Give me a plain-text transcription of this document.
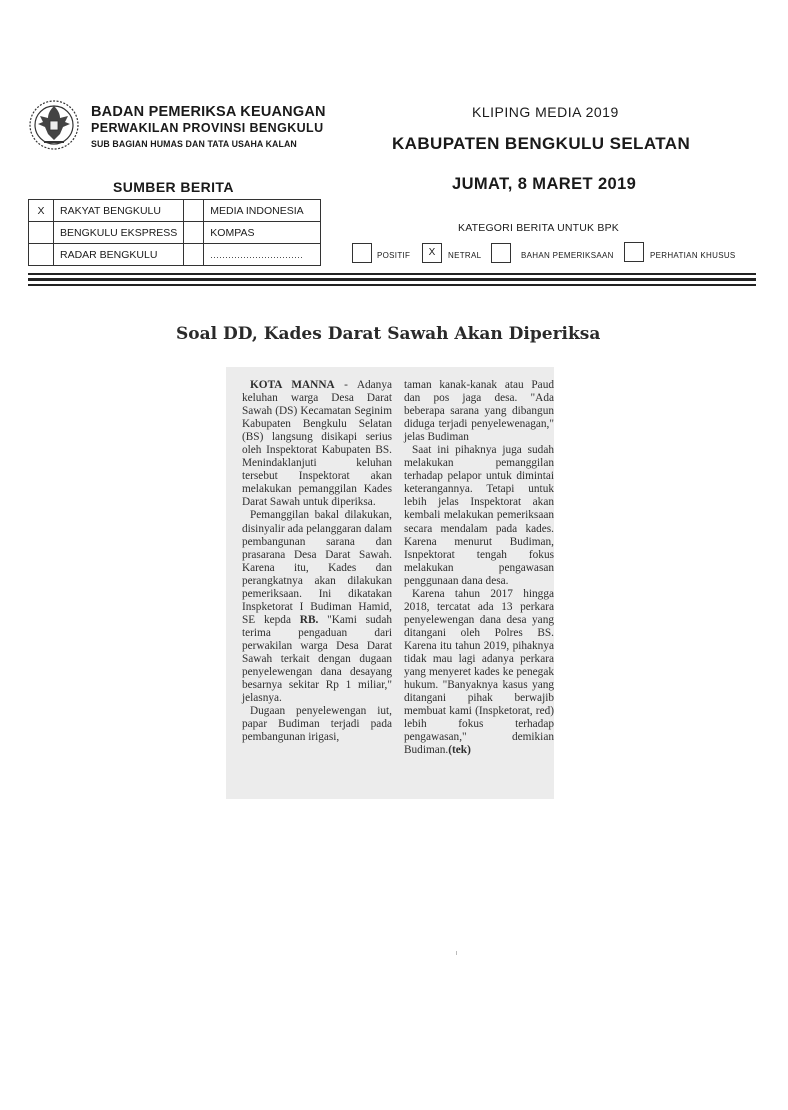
BADAN PEMERIKSA KEUANGAN
PERWAKILAN PROVINSI BENGKULU
SUB BAGIAN HUMAS DAN TATA USAHA KALAN
KLIPING MEDIA 2019
KABUPATEN BENGKULU SELATAN
JUMAT, 8 MARET 2019
SUMBER BERITA
X	RAKYAT BENGKULU		MEDIA INDONESIA
	BENGKULU EKSPRESS		KOMPAS
	RADAR BENGKULU		...............................
KATEGORI BERITA UNTUK BPK
POSITIF	X	NETRAL	BAHAN PEMERIKSAAN	PERHATIAN KHUSUS
Soal DD, Kades Darat Sawah Akan Diperiksa

KOTA MANNA - Adanya keluhan warga Desa Darat Sawah (DS) Kecamatan Seginim Kabupaten Bengkulu Selatan (BS) langsung disikapi serius oleh Inspektorat Kabupaten BS. Menindaklanjuti keluhan tersebut Inspektorat akan melakukan pemanggilan Kades Darat Sawah untuk diperiksa.

Pemanggilan bakal dilakukan, disinyalir ada pelanggaran dalam pembangunan sarana dan prasarana Desa Darat Sawah. Karena itu, Kades dan perangkatnya akan dilakukan pemeriksaan. Ini dikatakan Inspketorat I Budiman Hamid, SE kepda RB. "Kami sudah terima pengaduan dari perwakilan warga Desa Darat Sawah terkait dengan dugaan penyelewengan dana desayang besarnya sekitar Rp 1 miliar," jelasnya.

Dugaan penyelewengan iut, papar Budiman terjadi pada pembangunan irigasi,

taman kanak-kanak atau Paud dan pos jaga desa. "Ada beberapa sarana yang dibangun diduga terjadi penyelewenagan," jelas Budiman

Saat ini pihaknya juga sudah melakukan pemanggilan terhadap pelapor untuk dimintai keterangannya. Tetapi untuk lebih jelas Inspektorat akan kembali melakukan pemeriksaan secara mendalam pada kades. Karena menurut Budiman, Isnpektorat tengah fokus melakukan pengawasan penggunaan dana desa.

Karena tahun 2017 hingga 2018, tercatat ada 13 perkara penyelewengan dana desa yang ditangani oleh Polres BS. Karena itu tahun 2019, pihaknya tidak mau lagi adanya perkara yang menyeret kades ke penegak hukum. "Banyaknya kasus yang ditangani pihak berwajib membuat kami (Inspketorat, red) lebih fokus terhadap pengawasan," demikian Budiman.(tek)
